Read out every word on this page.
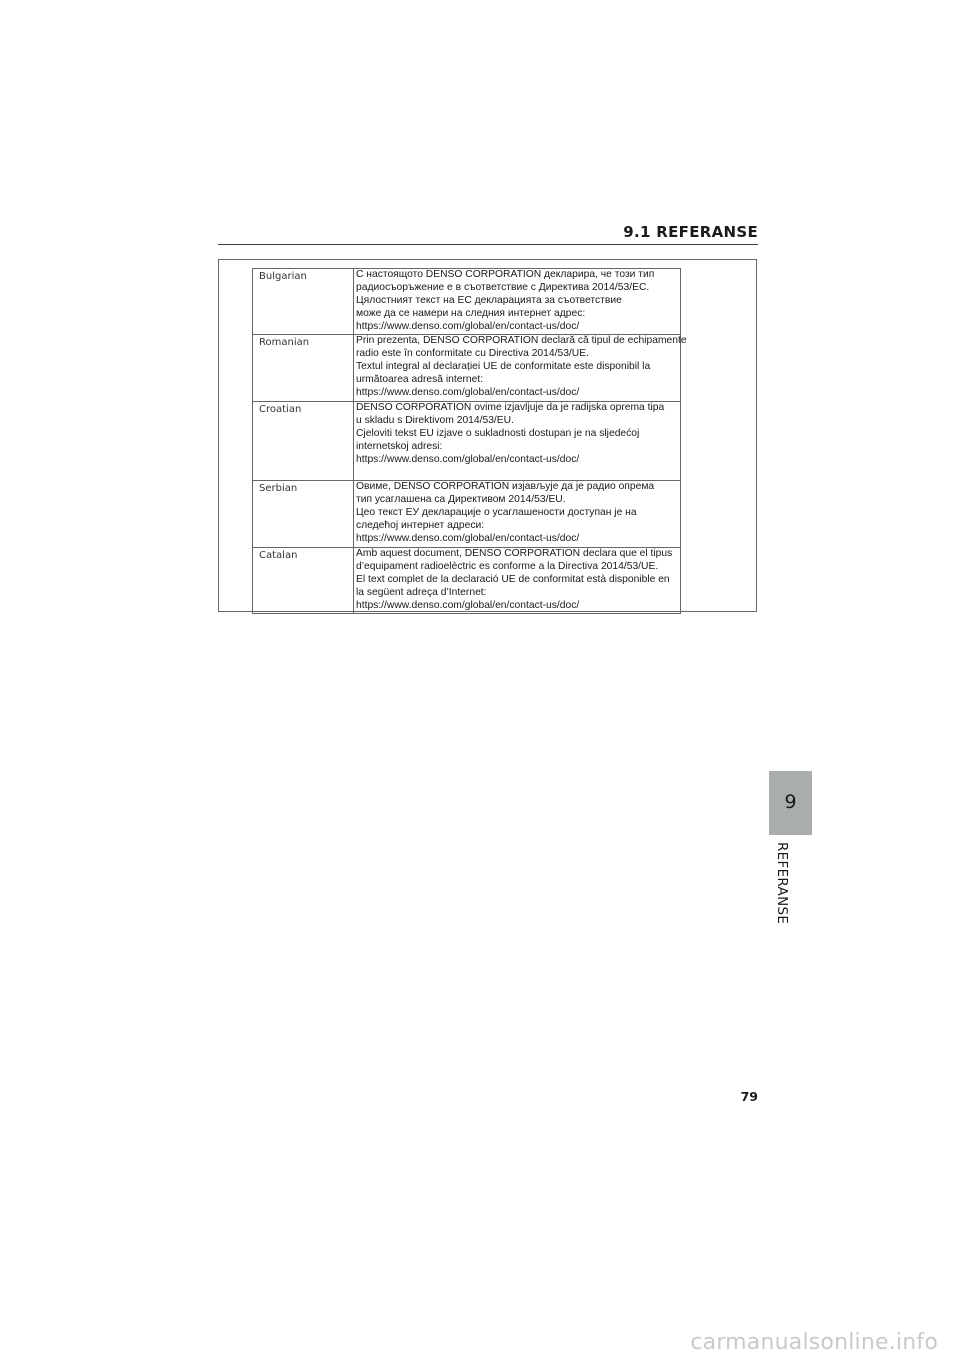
9.1 REFERANSE
Bulgarian	С настоящото DENSO CORPORATION декларира, че този тип
радиосъоръжение е в съответствие с Директива 2014/53/ЕС.
Цялостният текст на ЕС декларацията за съответствие
може да се намери на следния интернет адрес:
https://www.denso.com/global/en/contact-us/doc/

Romanian	Prin prezenta, DENSO CORPORATION declară că tipul de echipamente
radio este în conformitate cu Directiva 2014/53/UE.
Textul integral al declarației UE de conformitate este disponibil la
următoarea adresă internet:
https://www.denso.com/global/en/contact-us/doc/

Croatian	DENSO CORPORATION ovime izjavljuje da je radijska oprema tipa
u skladu s Direktivom 2014/53/EU.
Cjeloviti tekst EU izjave o sukladnosti dostupan je na sljedećoj
internetskoj adresi:
https://www.denso.com/global/en/contact-us/doc/

Serbian	Овиме, DENSO CORPORATION изјављује да је радио опрема
тип усаглашена са Директивом 2014/53/EU.
Цео текст ЕУ декларације о усаглашености доступан је на
следећој интернет адреси:
https://www.denso.com/global/en/contact-us/doc/

Catalan	Amb aquest document, DENSO CORPORATION declara que el tipus
d’equipament radioelèctric es conforme a la Directiva 2014/53/UE.
El text complet de la declaració UE de conformitat està disponible en
la següent adreça d’Internet:
https://www.denso.com/global/en/contact-us/doc/
9
REFERANSE
79
carmanualsonline.info
